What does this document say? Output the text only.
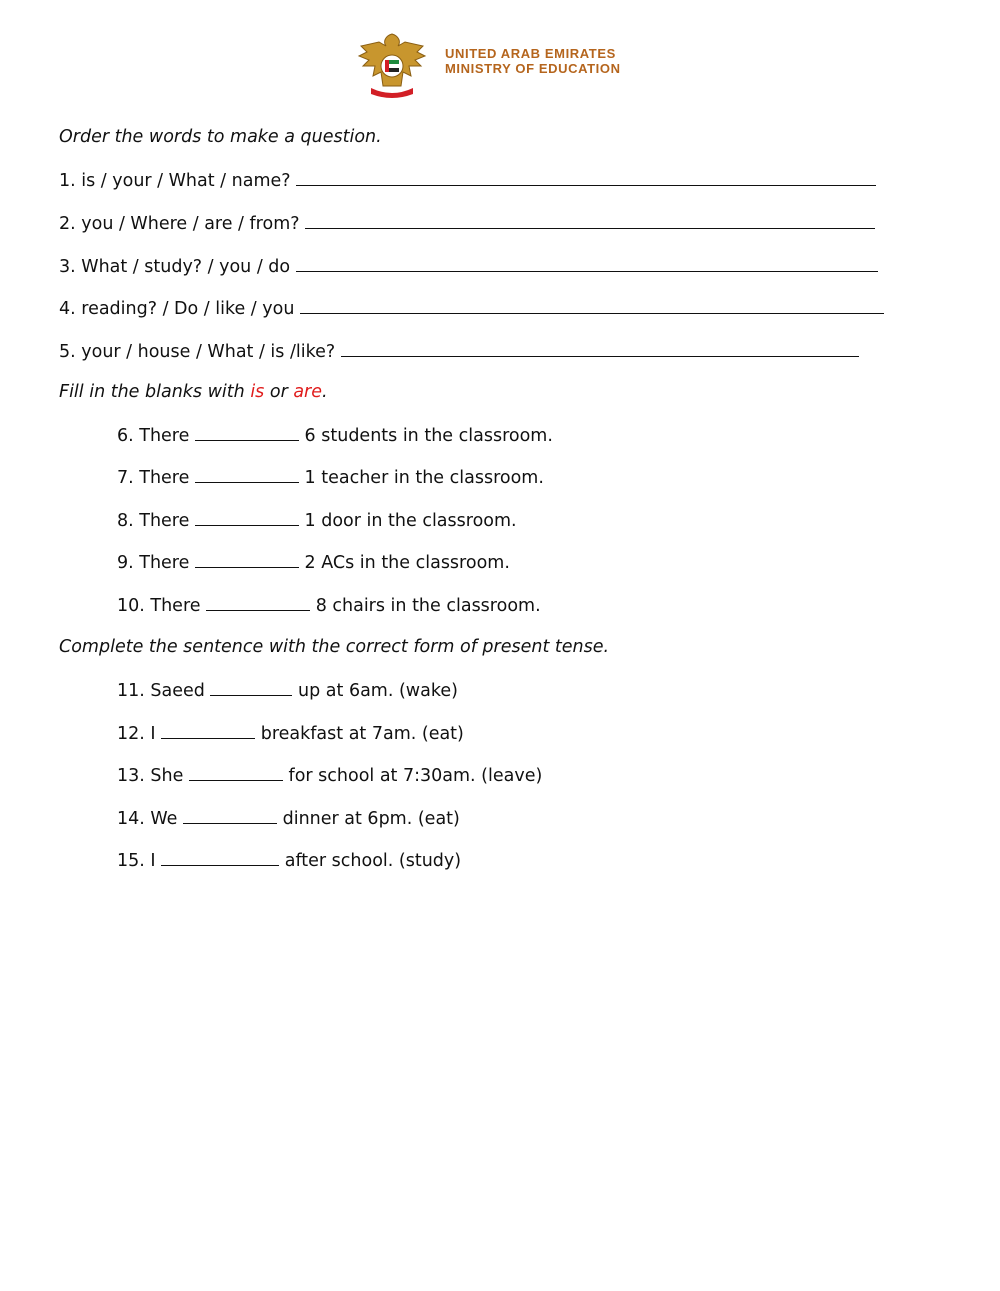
UNITED ARAB EMIRATES
MINISTRY OF EDUCATION
Order the words to make a question.
1. is / your / What / name?
2. you / Where / are / from?
3. What / study? / you / do
4. reading? / Do / like / you
5. your / house / What / is /like?
Fill in the blanks with is or are.
6. There	6 students in the classroom.
7. There	1 teacher in the classroom.
8. There	1 door in the classroom.
9. There	2 ACs in the classroom.
10. There	8 chairs in the classroom.
Complete the sentence with the correct form of present tense.
11. Saeed	up at 6am. (wake)
12. I	breakfast at 7am. (eat)
13. She	for school at 7:30am. (leave)
14. We	dinner at 6pm. (eat)
15. I	after school. (study)
